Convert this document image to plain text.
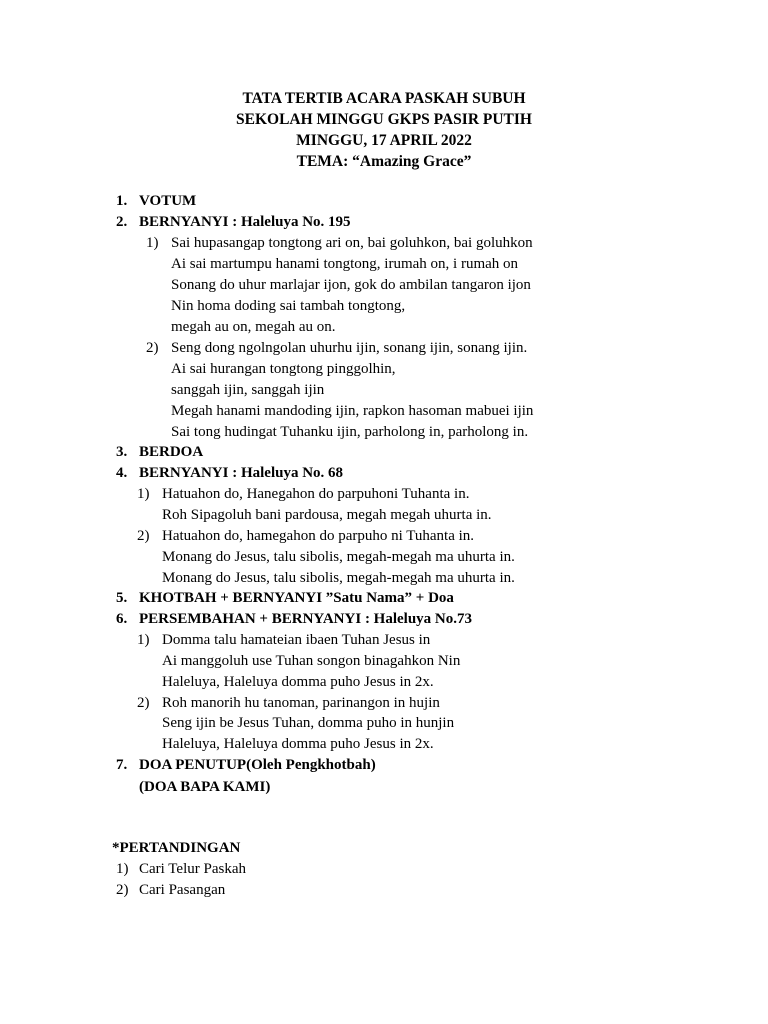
TATA TERTIB ACARA PASKAH SUBUH
SEKOLAH MINGGU GKPS PASIR PUTIH
MINGGU, 17 APRIL 2022
TEMA: “Amazing Grace”
1. VOTUM
2. BERNYANYI : Haleluya No. 195
1) Sai hupasangap tongtong ari on, bai goluhkon, bai goluhkon
Ai sai martumpu hanami tongtong, irumah on, i rumah on
Sonang do uhur marlajar ijon, gok do ambilan tangaron ijon
Nin homa doding sai tambah tongtong,
megah au on, megah au on.
2) Seng dong ngolngolan uhurhu ijin, sonang ijin, sonang ijin.
Ai sai hurangan tongtong pinggolhin,
sanggah ijin, sanggah ijin
Megah hanami mandoding ijin, rapkon hasoman mabuei ijin
Sai tong hudingat Tuhanku ijin, parholong in, parholong in.
3. BERDOA
4. BERNYANYI : Haleluya No. 68
1) Hatuahon do, Hanegahon do parpuhoni Tuhanta in.
Roh Sipagoluh bani pardousa, megah megah uhurta in.
2) Hatuahon do, hamegahon do parpuho ni Tuhanta in.
Monang do Jesus, talu sibolis, megah-megah ma uhurta in.
Monang do Jesus, talu sibolis, megah-megah ma uhurta in.
5. KHOTBAH + BERNYANYI ”Satu Nama” + Doa
6. PERSEMBAHAN + BERNYANYI : Haleluya No.73
1) Domma talu hamateian ibaen Tuhan Jesus in
Ai manggoluh use Tuhan songon binagahkon Nin
Haleluya, Haleluya domma puho Jesus in 2x.
2) Roh manorih hu tanoman, parinangon in hujin
Seng ijin be Jesus Tuhan, domma puho in hunjin
Haleluya, Haleluya domma puho Jesus in 2x.
7. DOA PENUTUP(Oleh Pengkhotbah)
(DOA BAPA KAMI)
*PERTANDINGAN
1) Cari Telur Paskah
2) Cari Pasangan
